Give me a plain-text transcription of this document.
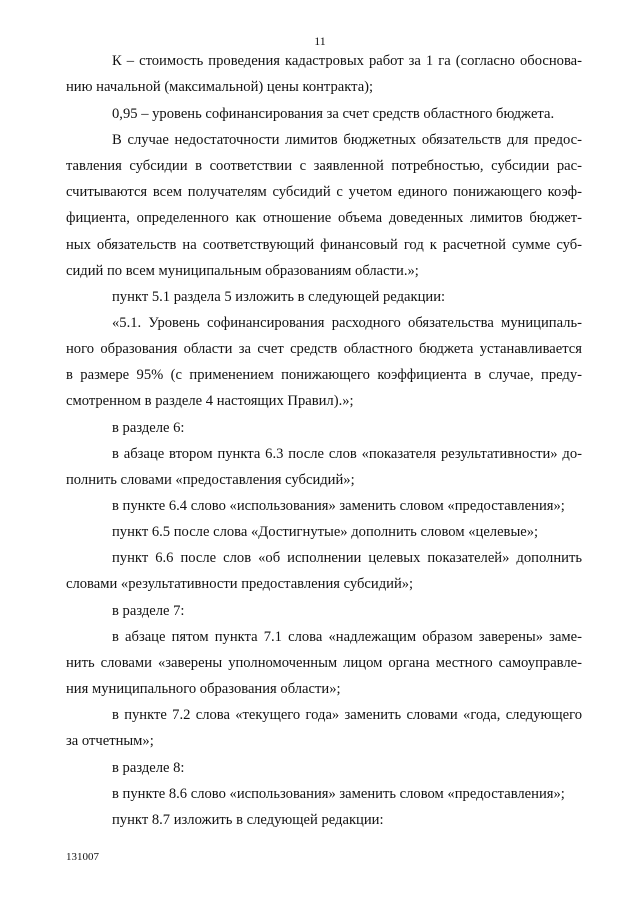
11
К – стоимость проведения кадастровых работ за 1 га (согласно обоснова-
нию начальной (максимальной) цены контракта);
0,95 – уровень софинансирования за счет средств областного бюджета.
В случае недостаточности лимитов бюджетных обязательств для предос-
тавления субсидии в соответствии с заявленной потребностью, субсидии рас-
считываются всем получателям субсидий с учетом единого понижающего коэф-
фициента, определенного как отношение объема доведенных лимитов бюджет-
ных обязательств на соответствующий финансовый год к расчетной сумме суб-
сидий по всем муниципальным образованиям области.»;
пункт 5.1 раздела 5 изложить в следующей редакции:
«5.1. Уровень софинансирования расходного обязательства муниципаль-
ного образования области за счет средств областного бюджета устанавливается
в размере 95% (с применением понижающего коэффициента в случае, преду-
смотренном в разделе 4 настоящих Правил).»;
в разделе 6:
в абзаце втором пункта 6.3 после слов «показателя результативности» до-
полнить словами «предоставления субсидий»;
в пункте 6.4 слово «использования» заменить словом «предоставления»;
пункт 6.5 после слова «Достигнутые» дополнить словом «целевые»;
пункт 6.6 после слов «об исполнении целевых показателей» дополнить
словами «результативности предоставления субсидий»;
в разделе 7:
в абзаце пятом пункта 7.1 слова «надлежащим образом заверены» заме-
нить словами «заверены уполномоченным лицом органа местного самоуправле-
ния муниципального образования области»;
в пункте 7.2 слова «текущего года» заменить словами «года, следующего
за отчетным»;
в разделе 8:
в пункте 8.6 слово «использования» заменить словом «предоставления»;
пункт 8.7 изложить в следующей редакции:
131007
